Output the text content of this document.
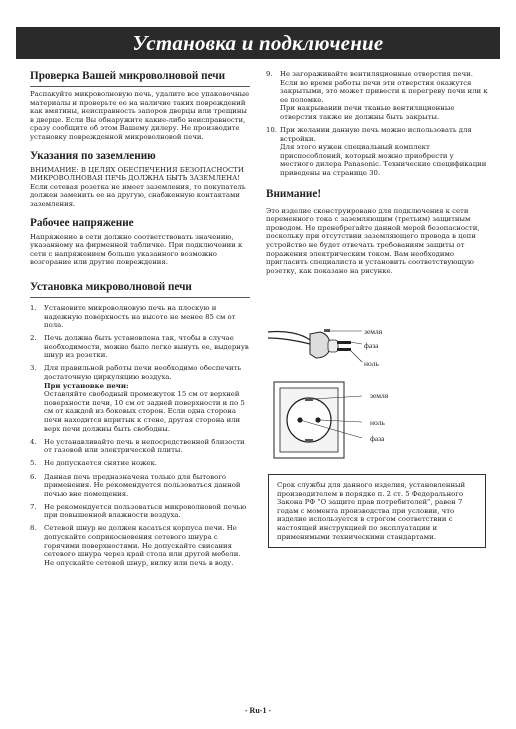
Установка и подключение
Проверка Вашей микроволновой печи

Распакуйте микроволновую печь, удалите все упаковочные материалы и проверьте ее на наличие таких повреждений как вмятины, неисправность запоров дверцы или трещины в дверце. Если Вы обнаружите какие-либо неисправности, сразу сообщите об этом Вашему дилеру. Не производите установку поврежденной микроволновой печи.

Указания по заземлению

ВНИМАНИЕ: В ЦЕЛЯХ ОБЕСПЕЧЕНИЯ БЕЗОПАСНОСТИ МИКРОВОЛНОВАЯ ПЕЧЬ ДОЛЖНА БЫТЬ ЗАЗЕМЛЕНА!

Если сетевая розетка не имеет заземления, то покупатель должен заменить ее на другую, снабженную контактами заземления.

Рабочее напряжение

Напряжение в сети должно соответствовать значению, указанному на фирменной табличке. При подключении к сети с напряжением больше указанного возможно возгорание или другие повреждения.

Установка микроволновой печи
1. Установите микроволновую печь на плоскую и надежную поверхность на высоте не менее 85 см от пола.
2. Печь должна быть установлена так, чтобы в случае необходимости, можно было легко вынуть ее, выдернув шнур из розетки.
3. Для правильной работы печи необходимо обеспечить достаточную циркуляцию воздуха.
При установке печи:
Оставляйте свободный промежуток 15 см от верхней поверхности печи, 10 см от задней поверхности и по 5 см от каждой из боковых сторон. Если одна сторона печи находится впритык к стене, другая сторона или верх печи должны быть свободны.
4. Не устанавливайте печь в непосредственной близости от газовой или электрической плиты.
5. Не допускается снятие ножек.
6. Данная печь предназначена только для бытового применения. Не рекомендуется пользоваться данной печью вне помещения.
7. Не рекомендуется пользоваться микроволновой печью при повышенной влажности воздуха.
8. Сетевой шнур не должен касаться корпуса печи. Не допускайте соприкосновения сетевого шнура с горячими поверхностями. Не допускайте свисания сетевого шнура через край стола или другой мебели. Не опускайте сетевой шнур, вилку или печь в воду.
9. Не загораживайте вентиляционные отверстия печи. Если во время работы печи эти отверстия окажутся закрытыми, это может привести к перегреву печи или к ее поломке.
При накрывании печи тканью вентиляционные отверстия также не должны быть закрыты.
10. При желании данную печь можно использовать для встройки.
Для этого нужен специальный комплект приспособлений, который можно приобрести у местного дилера Panasonic. Технические спецификации приведены на странице 30.
Внимание!

Это изделие сконструировано для подключения к сети переменного тока с заземляющим (третьим) защитным проводом. Не пренебрегайте данной мерой безопасности, поскольку при отсутствии заземляющего провода в цепи устройство не будет отвечать требованиям защиты от поражения электрическим током. Вам необходимо пригласить специалиста и установить соответствующую розетку, как показано на рисунке.

земля
фаза
ноль
земля
ноль
фаза

Срок службы для данного изделия, установленный производителем в порядке п. 2 ст. 5 Федерального Закона РФ "О защите прав потребителей", равен 7 годам с момента производства при условии, что изделие используется в строгом соответствии с настоящей инструкцией по эксплуатации и применимыми техническими стандартами.

- Ru-1 -
